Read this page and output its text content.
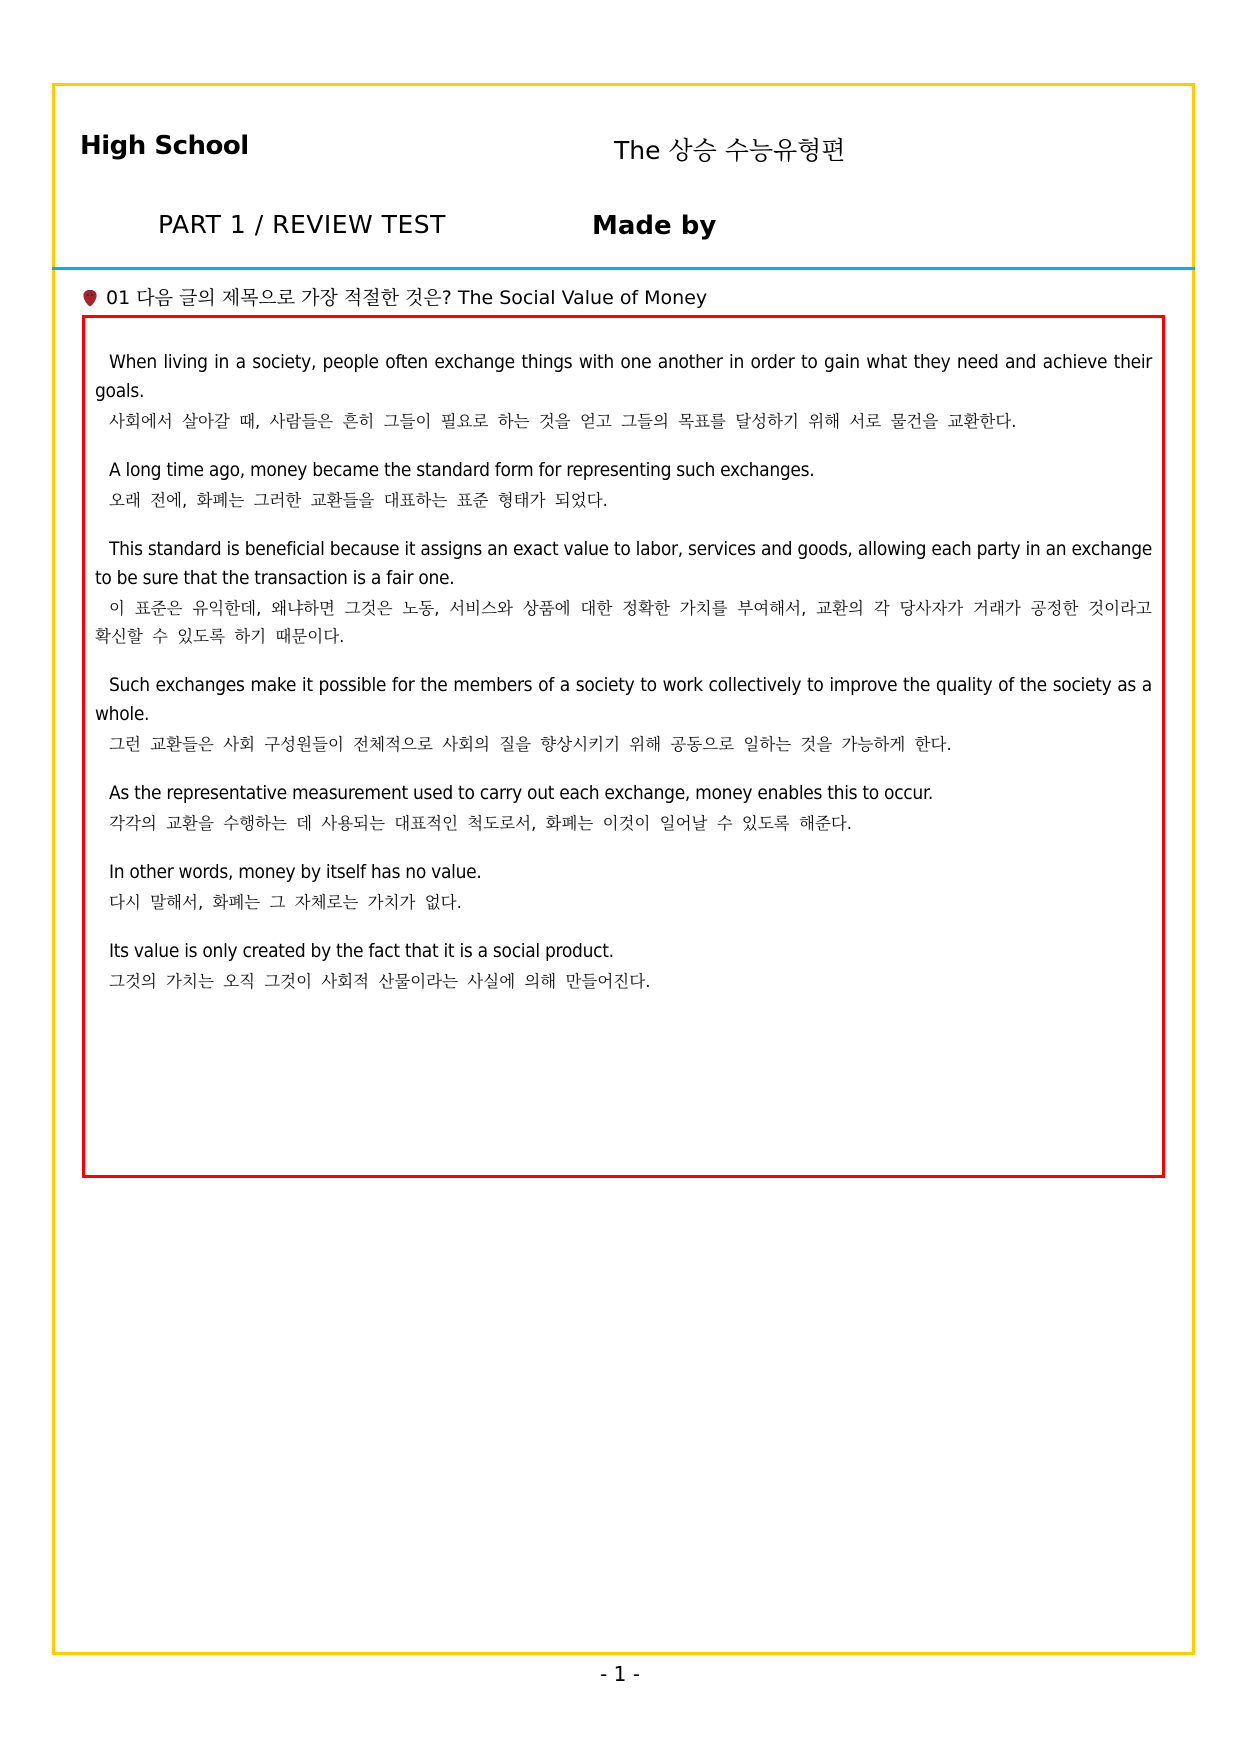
High School	The 상승 수능유형편
PART 1 / REVIEW TEST	Made by
01 다음 글의 제목으로 가장 적절한 것은? The Social Value of Money
When living in a society, people often exchange things with one another in order to gain what they need and achieve their goals.
사회에서 살아갈 때, 사람들은 흔히 그들이 필요로 하는 것을 얻고 그들의 목표를 달성하기 위해 서로 물건을 교환한다.
A long time ago, money became the standard form for representing such exchanges.
오래 전에, 화폐는 그러한 교환들을 대표하는 표준 형태가 되었다.
This standard is beneficial because it assigns an exact value to labor, services and goods, allowing each party in an exchange to be sure that the transaction is a fair one.
이 표준은 유익한데, 왜냐하면 그것은 노동, 서비스와 상품에 대한 정확한 가치를 부여해서, 교환의 각 당사자가 거래가 공정한 것이라고 확신할 수 있도록 하기 때문이다.
Such exchanges make it possible for the members of a society to work collectively to improve the quality of the society as a whole.
그런 교환들은 사회 구성원들이 전체적으로 사회의 질을 향상시키기 위해 공동으로 일하는 것을 가능하게 한다.
As the representative measurement used to carry out each exchange, money enables this to occur.
각각의 교환을 수행하는 데 사용되는 대표적인 척도로서, 화폐는 이것이 일어날 수 있도록 해준다.
In other words, money by itself has no value.
다시 말해서, 화폐는 그 자체로는 가치가 없다.
Its value is only created by the fact that it is a social product.
그것의 가치는 오직 그것이 사회적 산물이라는 사실에 의해 만들어진다.
- 1 -
